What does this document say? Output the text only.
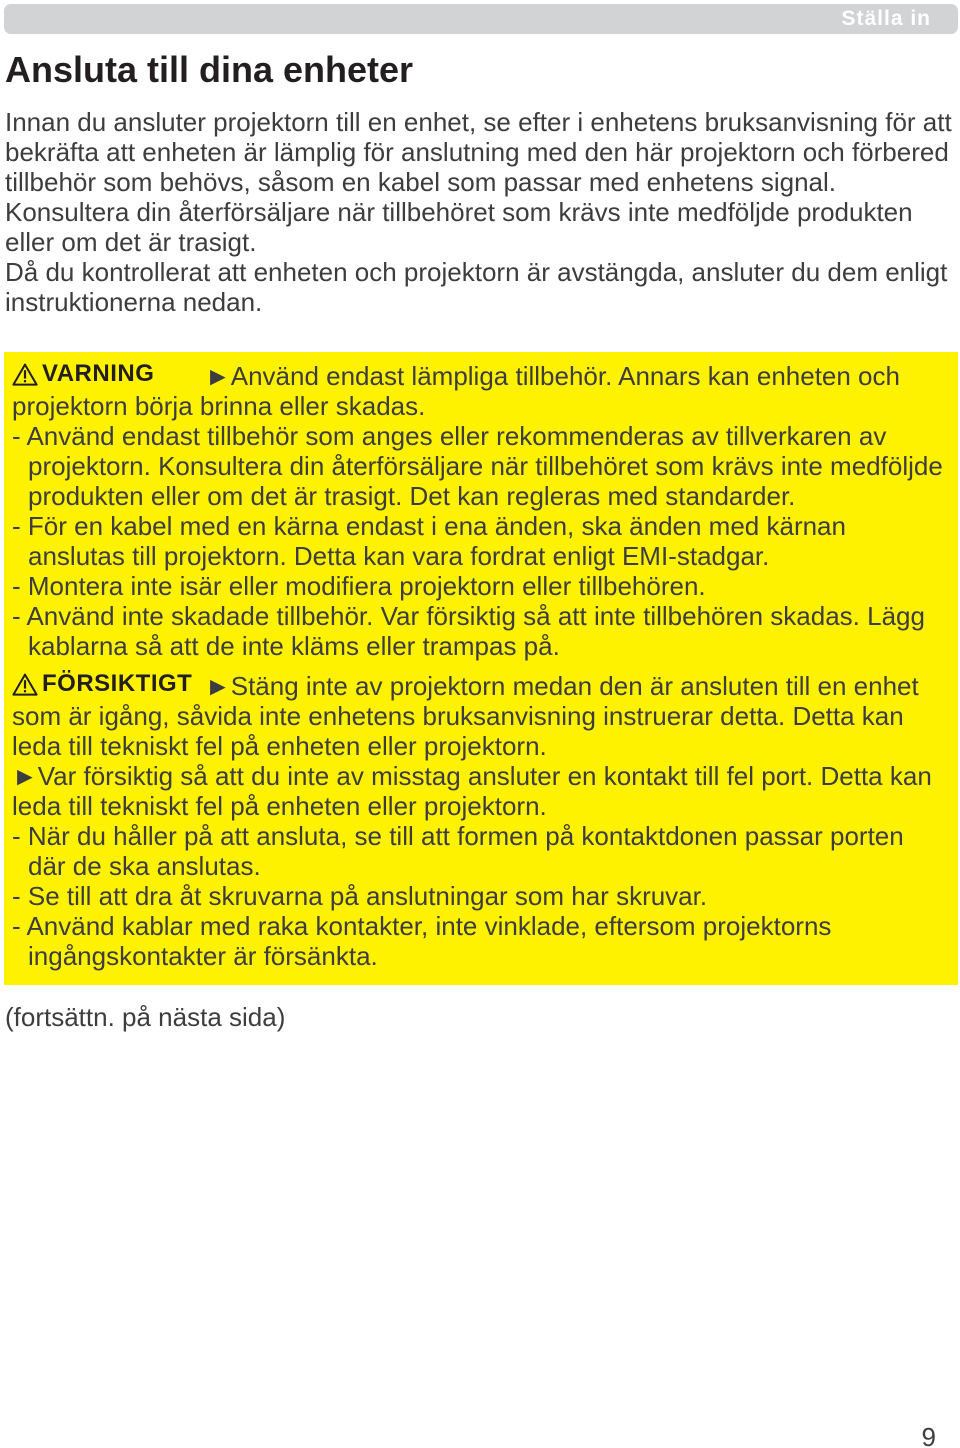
Ställa in
Ansluta till dina enheter
Innan du ansluter projektorn till en enhet, se efter i enhetens bruksanvisning för att
bekräfta att enheten är lämplig för anslutning med den här projektorn och förbered
tillbehör som behövs, såsom en kabel som passar med enhetens signal.
Konsultera din återförsäljare när tillbehöret som krävs inte medföljde produkten
eller om det är trasigt.
Då du kontrollerat att enheten och projektorn är avstängda, ansluter du dem enligt
instruktionerna nedan.
VARNING ►Använd endast lämpliga tillbehör. Annars kan enheten och
projektorn börja brinna eller skadas.
- Använd endast tillbehör som anges eller rekommenderas av tillverkaren av
projektorn. Konsultera din återförsäljare när tillbehöret som krävs inte medföljde
produkten eller om det är trasigt. Det kan regleras med standarder.
- För en kabel med en kärna endast i ena änden, ska änden med kärnan
anslutas till projektorn. Detta kan vara fordrat enligt EMI-stadgar.
- Montera inte isär eller modifiera projektorn eller tillbehören.
- Använd inte skadade tillbehör. Var försiktig så att inte tillbehören skadas. Lägg
kablarna så att de inte kläms eller trampas på.
FÖRSIKTIGT ►Stäng inte av projektorn medan den är ansluten till en enhet
som är igång, såvida inte enhetens bruksanvisning instruerar detta. Detta kan
leda till tekniskt fel på enheten eller projektorn.
►Var försiktig så att du inte av misstag ansluter en kontakt till fel port. Detta kan
leda till tekniskt fel på enheten eller projektorn.
- När du håller på att ansluta, se till att formen på kontaktdonen passar porten
där de ska anslutas.
- Se till att dra åt skruvarna på anslutningar som har skruvar.
- Använd kablar med raka kontakter, inte vinklade, eftersom projektorns
ingångskontakter är försänkta.
(fortsättn. på nästa sida)
9
